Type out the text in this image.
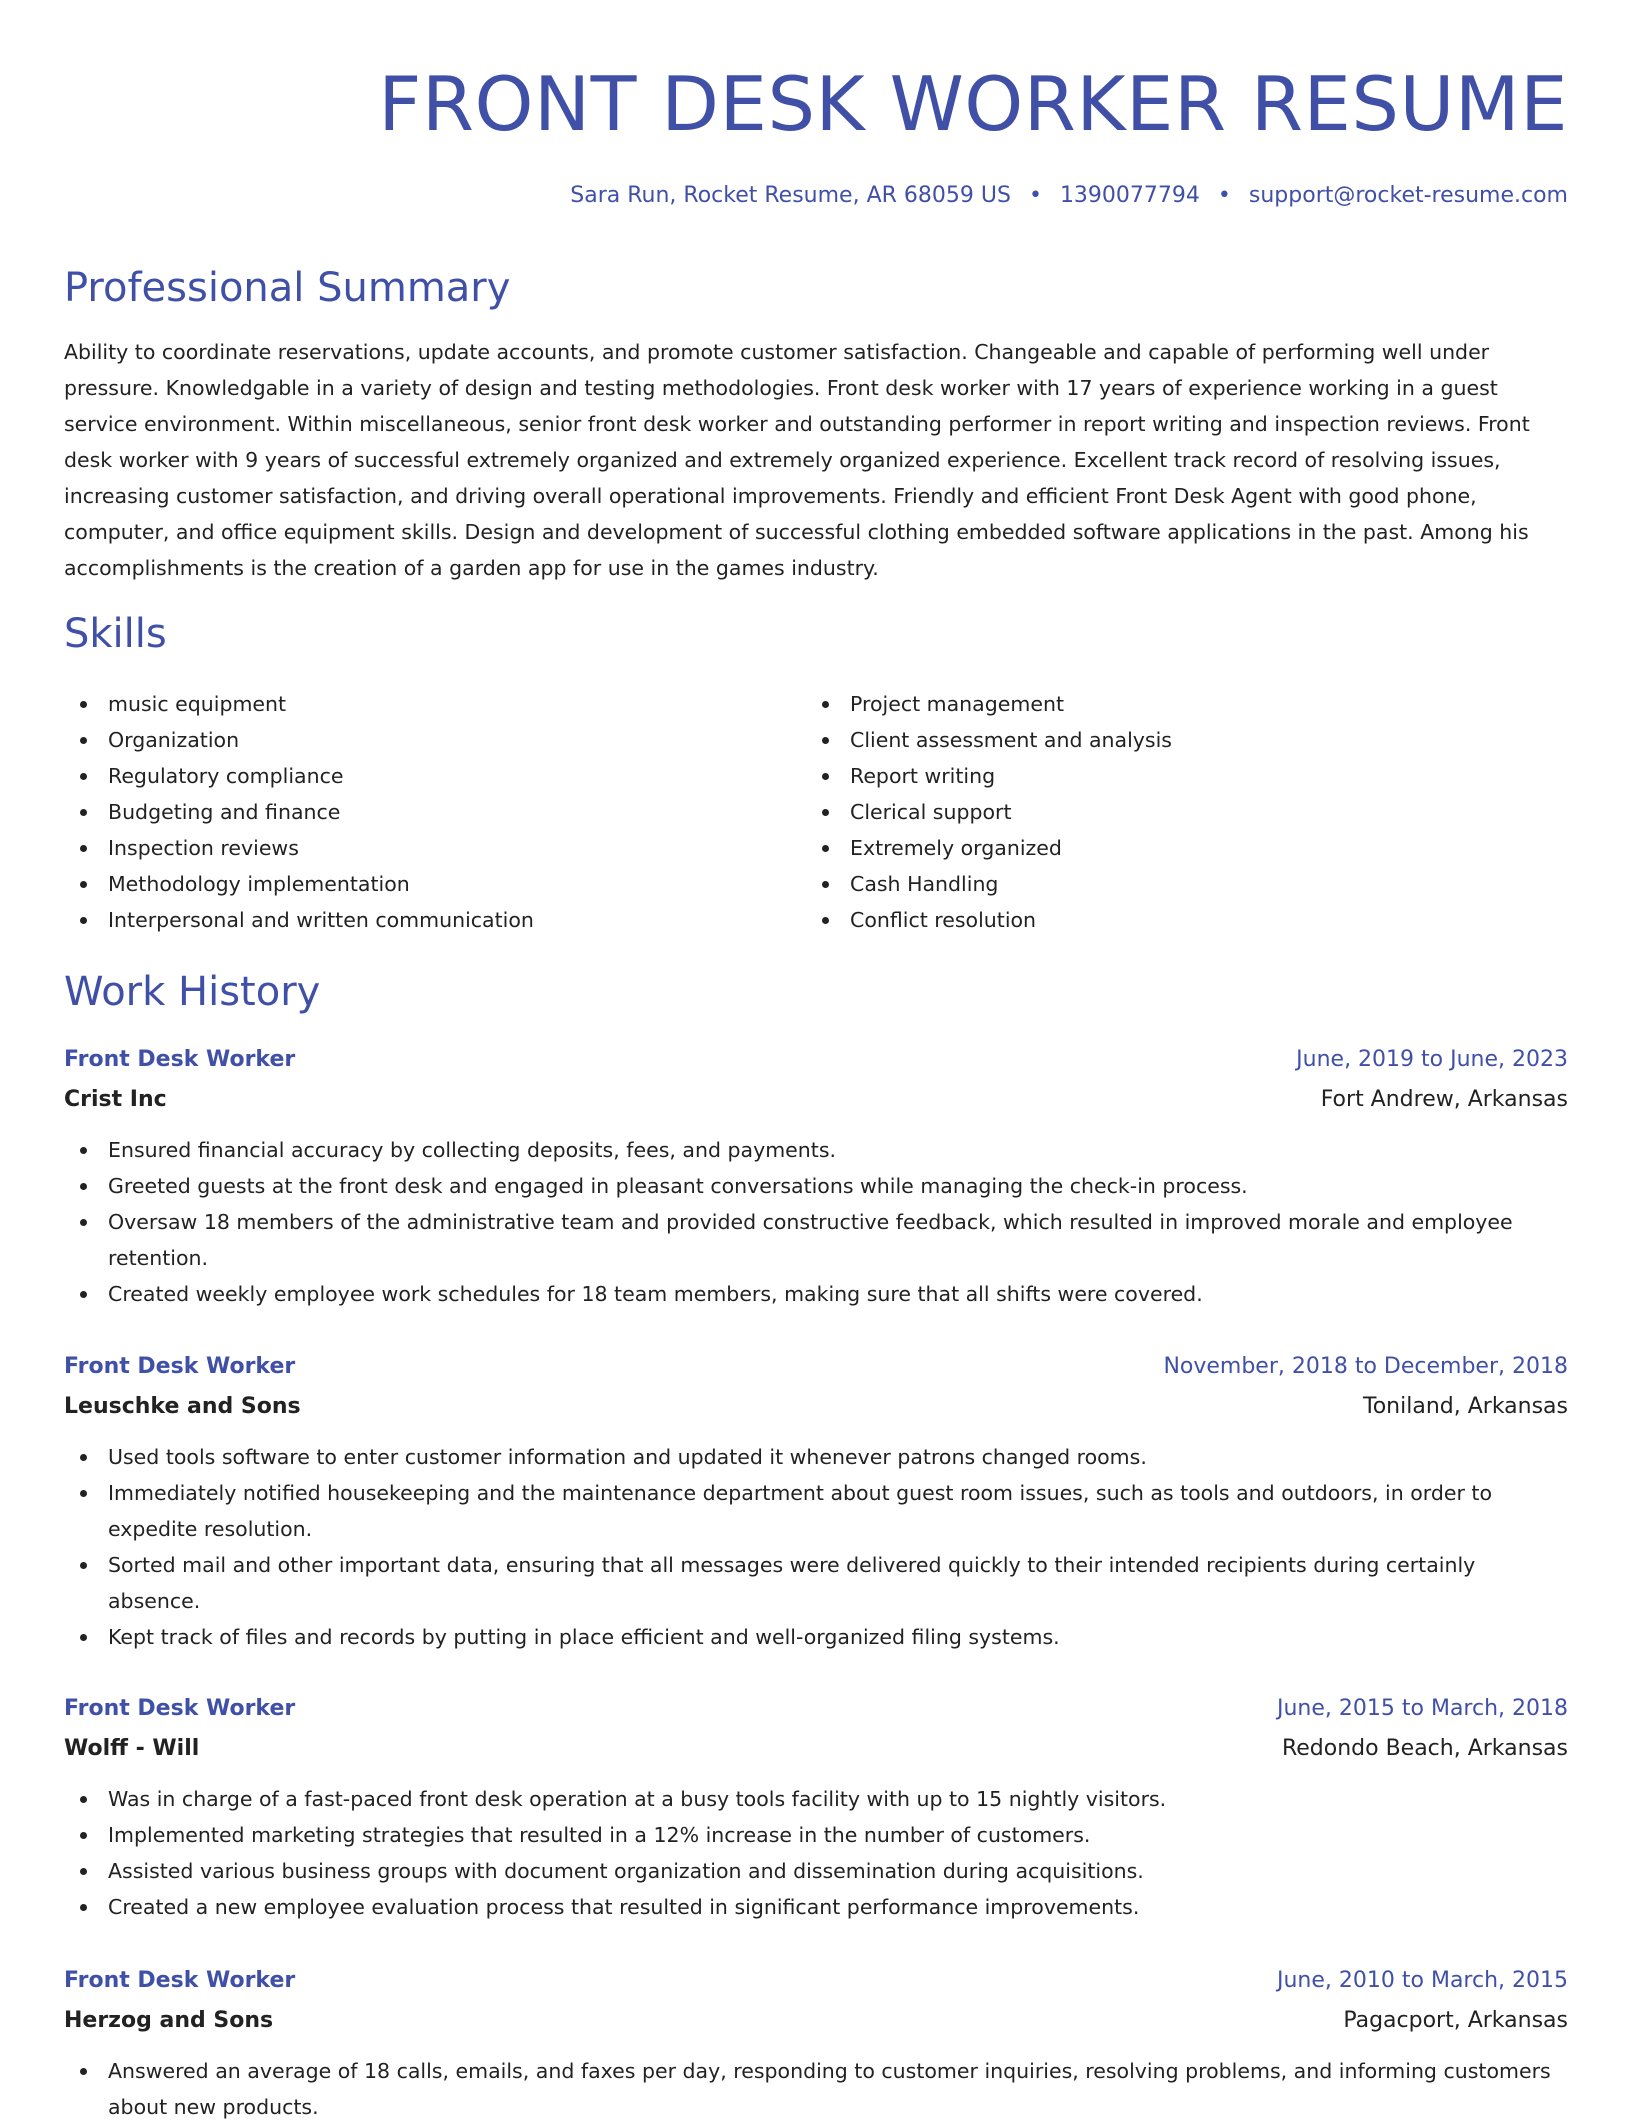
FRONT DESK WORKER RESUME
Sara Run, Rocket Resume, AR 68059 US • 1390077794 • support@rocket-resume.com
Professional Summary

Ability to coordinate reservations, update accounts, and promote customer satisfaction. Changeable and capable of performing well under pressure. Knowledgable in a variety of design and testing methodologies. Front desk worker with 17 years of experience working in a guest service environment. Within miscellaneous, senior front desk worker and outstanding performer in report writing and inspection reviews. Front desk worker with 9 years of successful extremely organized and extremely organized experience. Excellent track record of resolving issues, increasing customer satisfaction, and driving overall operational improvements. Friendly and efficient Front Desk Agent with good phone, computer, and office equipment skills. Design and development of successful clothing embedded software applications in the past. Among his accomplishments is the creation of a garden app for use in the games industry.

Skills
music equipment
Organization
Regulatory compliance
Budgeting and finance
Inspection reviews
Methodology implementation
Interpersonal and written communication
Project management
Client assessment and analysis
Report writing
Clerical support
Extremely organized
Cash Handling
Conflict resolution
Work History
Front Desk Worker	June, 2019 to June, 2023
Crist Inc	Fort Andrew, Arkansas
Ensured financial accuracy by collecting deposits, fees, and payments.
Greeted guests at the front desk and engaged in pleasant conversations while managing the check-in process.
Oversaw 18 members of the administrative team and provided constructive feedback, which resulted in improved morale and employee retention.
Created weekly employee work schedules for 18 team members, making sure that all shifts were covered.
Front Desk Worker	November, 2018 to December, 2018
Leuschke and Sons	Toniland, Arkansas
Used tools software to enter customer information and updated it whenever patrons changed rooms.
Immediately notified housekeeping and the maintenance department about guest room issues, such as tools and outdoors, in order to expedite resolution.
Sorted mail and other important data, ensuring that all messages were delivered quickly to their intended recipients during certainly absence.
Kept track of files and records by putting in place efficient and well-organized filing systems.
Front Desk Worker	June, 2015 to March, 2018
Wolff - Will	Redondo Beach, Arkansas
Was in charge of a fast-paced front desk operation at a busy tools facility with up to 15 nightly visitors.
Implemented marketing strategies that resulted in a 12% increase in the number of customers.
Assisted various business groups with document organization and dissemination during acquisitions.
Created a new employee evaluation process that resulted in significant performance improvements.
Front Desk Worker	June, 2010 to March, 2015
Herzog and Sons	Pagacport, Arkansas
Answered an average of 18 calls, emails, and faxes per day, responding to customer inquiries, resolving problems, and informing customers about new products.
